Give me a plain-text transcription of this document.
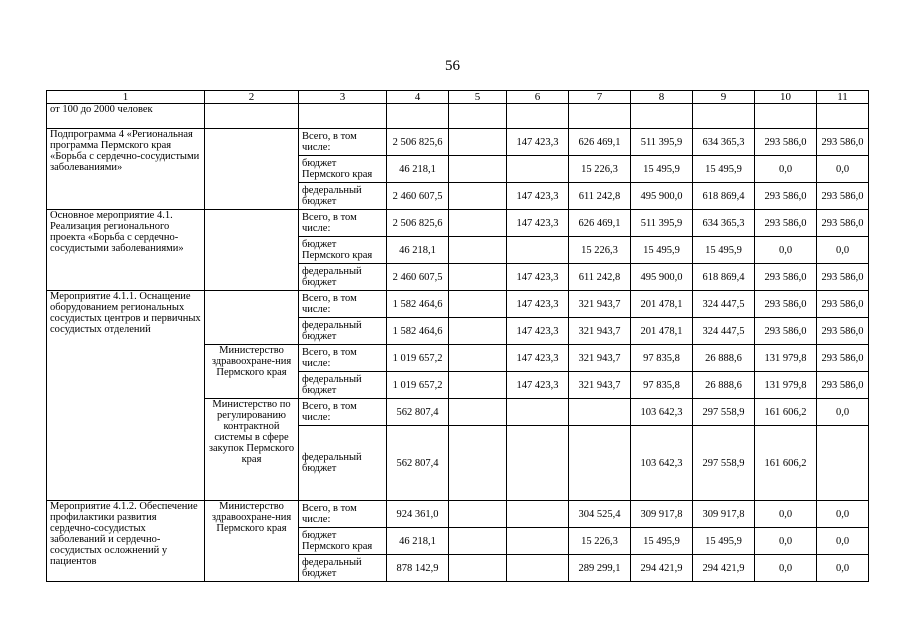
56
1	2	3	4	5	6	7	8	9	10	11
от 100 до 2000 человек										
Подпрограмма 4 «Региональная программа Пермского края «Борьба с сердечно-сосудистыми заболеваниями»		Всего, в том числе:	2 506 825,6		147 423,3	626 469,1	511 395,9	634 365,3	293 586,0	293 586,0
		бюджет Пермского края	46 218,1			15 226,3	15 495,9	15 495,9	0,0	0,0
		федеральный бюджет	2 460 607,5		147 423,3	611 242,8	495 900,0	618 869,4	293 586,0	293 586,0
Основное мероприятие 4.1. Реализация регионального проекта «Борьба с сердечно-сосудистыми заболеваниями»		Всего, в том числе:	2 506 825,6		147 423,3	626 469,1	511 395,9	634 365,3	293 586,0	293 586,0
		бюджет Пермского края	46 218,1			15 226,3	15 495,9	15 495,9	0,0	0,0
		федеральный бюджет	2 460 607,5		147 423,3	611 242,8	495 900,0	618 869,4	293 586,0	293 586,0
Мероприятие 4.1.1. Оснащение оборудованием региональных сосудистых центров и первичных сосудистых отделений		Всего, в том числе:	1 582 464,6		147 423,3	321 943,7	201 478,1	324 447,5	293 586,0	293 586,0
		федеральный бюджет	1 582 464,6		147 423,3	321 943,7	201 478,1	324 447,5	293 586,0	293 586,0
	Министерство здравоохране-ния Пермского края	Всего, в том числе:	1 019 657,2		147 423,3	321 943,7	97 835,8	26 888,6	131 979,8	293 586,0
		федеральный бюджет	1 019 657,2		147 423,3	321 943,7	97 835,8	26 888,6	131 979,8	293 586,0
	Министерство по регулированию контрактной системы в сфере закупок Пермского края	Всего, в том числе:	562 807,4				103 642,3	297 558,9	161 606,2	0,0
		федеральный бюджет	562 807,4				103 642,3	297 558,9	161 606,2	
Мероприятие 4.1.2. Обеспечение профилактики развития сердечно-сосудистых заболеваний и сердечно-сосудистых осложнений у пациентов	Министерство здравоохране-ния Пермского края	Всего, в том числе:	924 361,0			304 525,4	309 917,8	309 917,8	0,0	0,0
		бюджет Пермского края	46 218,1			15 226,3	15 495,9	15 495,9	0,0	0,0
		федеральный бюджет	878 142,9			289 299,1	294 421,9	294 421,9	0,0	0,0
